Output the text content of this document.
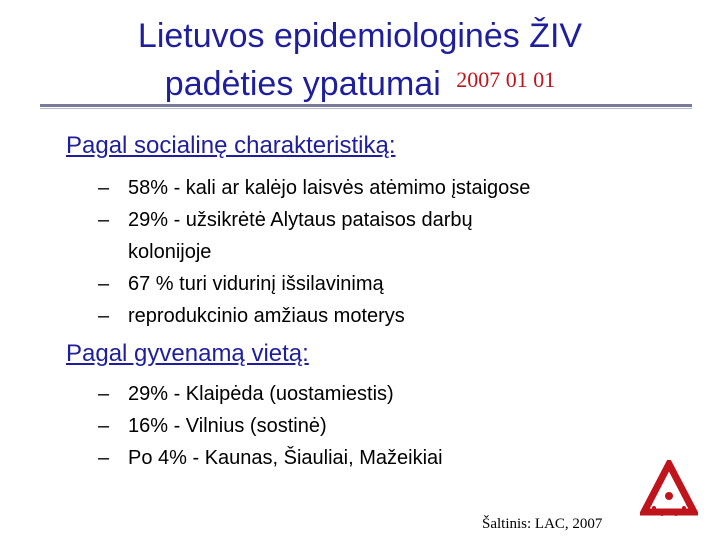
Lietuvos epidemiologinės ŽIV
padėties ypatumai $^{2007 01 01}$
Pagal socialinę charakteristiką:
– 58% - kali ar kalėjo laisvės atėmimo įstaigose
– 29% - užsikrėtė Alytaus pataisos darbų
kolonijoje
– 67 % turi vidurinį išsilavinimą
– reprodukcinio amžiaus moterys
Pagal gyvenamą vietą:
– 29% - Klaipėda (uostamiestis)
– 16% - Vilnius (sostinė)
– Po 4% - Kaunas, Šiauliai, Mažeikiai
Šaltinis: LAC, 2007
